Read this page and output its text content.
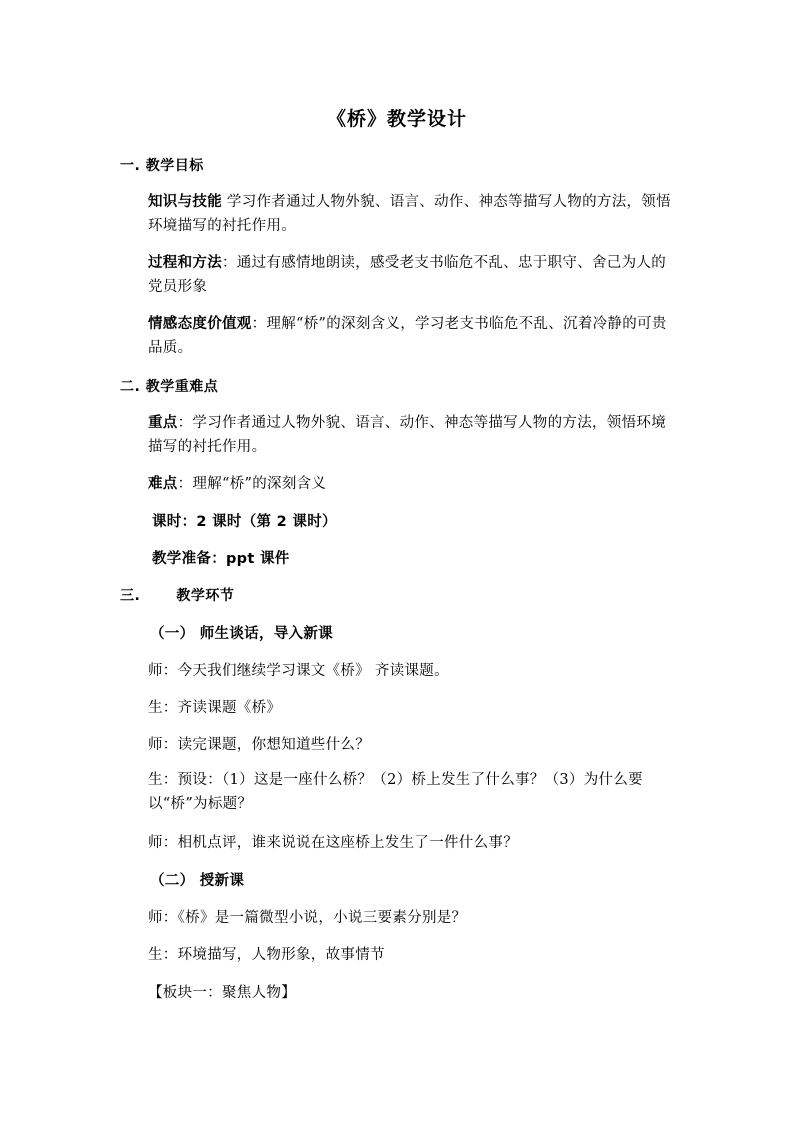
《桥》教学设计
一. 教学目标
知识与技能 学习作者通过人物外貌、语言、动作、神态等描写人物的方法，领悟环境描写的衬托作用。
过程和方法：通过有感情地朗读，感受老支书临危不乱、忠于职守、舍己为人的党员形象
情感态度价值观：理解“桥”的深刻含义，学习老支书临危不乱、沉着冷静的可贵品质。
二. 教学重难点
重点：学习作者通过人物外貌、语言、动作、神态等描写人物的方法，领悟环境描写的衬托作用。
难点：理解“桥”的深刻含义
课时：2 课时（第 2 课时）
教学准备：ppt 课件
三.	教学环节
（一） 师生谈话，导入新课
师：今天我们继续学习课文《桥》 齐读课题。
生：齐读课题《桥》
师：读完课题，你想知道些什么？
生：预设：（1）这是一座什么桥？（2）桥上发生了什么事？（3）为什么要以“桥”为标题？
师：相机点评，谁来说说在这座桥上发生了一件什么事？
（二） 授新课
师：《桥》是一篇微型小说，小说三要素分别是？
生：环境描写，人物形象，故事情节
【板块一：聚焦人物】
